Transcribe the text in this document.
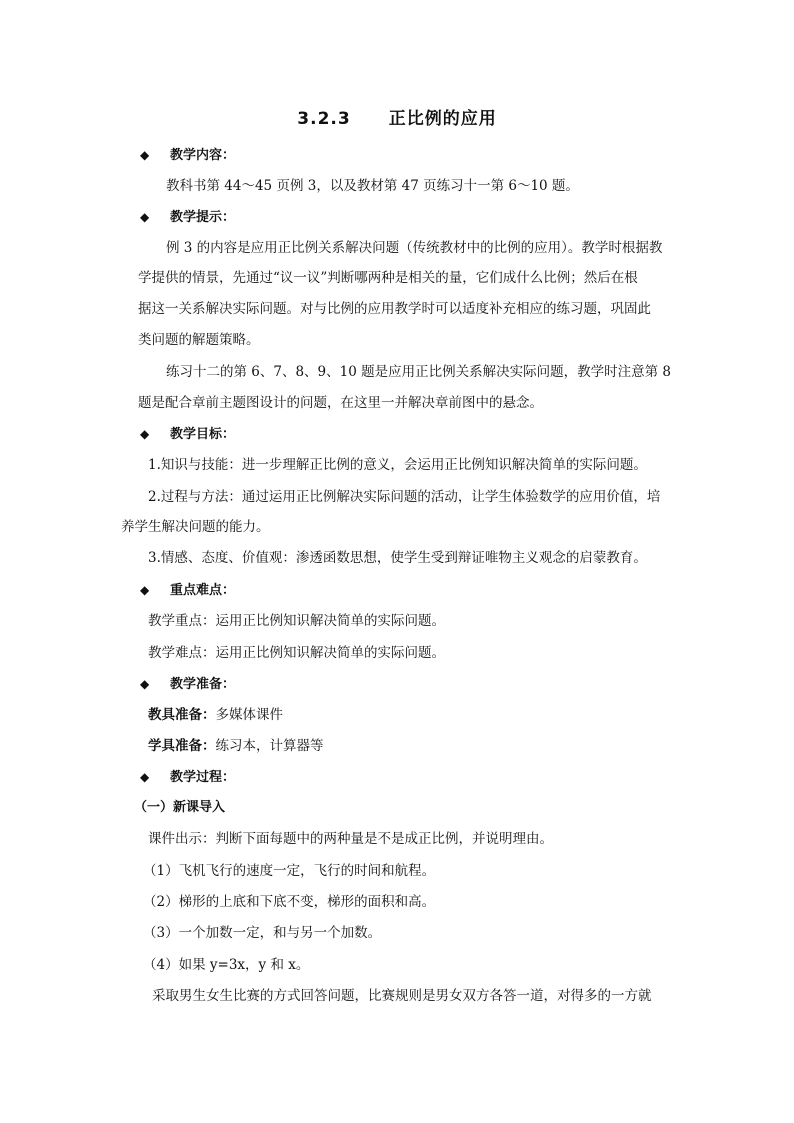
3.2.3 正比例的应用
◆ 教学内容：
教科书第 44～45 页例 3，以及教材第 47 页练习十一第 6～10 题。
◆ 教学提示：
例 3 的内容是应用正比例关系解决问题（传统教材中的比例的应用）。教学时根据教
学提供的情景，先通过“议一议”判断哪两种是相关的量，它们成什么比例；然后在根
据这一关系解决实际问题。对与比例的应用教学时可以适度补充相应的练习题，巩固此
类问题的解题策略。
练习十二的第 6、7、8、9、10 题是应用正比例关系解决实际问题，教学时注意第 8
题是配合章前主题图设计的问题，在这里一并解决章前图中的悬念。
◆ 教学目标：
1.知识与技能：进一步理解正比例的意义，会运用正比例知识解决简单的实际问题。
2.过程与方法：通过运用正比例解决实际问题的活动，让学生体验数学的应用价值，培
养学生解决问题的能力。
3.情感、态度、价值观：渗透函数思想，使学生受到辩证唯物主义观念的启蒙教育。
◆ 重点难点：
教学重点：运用正比例知识解决简单的实际问题。
教学难点：运用正比例知识解决简单的实际问题。
◆ 教学准备：
教具准备：多媒体课件
学具准备：练习本，计算器等
◆ 教学过程：
（一）新课导入
课件出示：判断下面每题中的两种量是不是成正比例，并说明理由。
（1）飞机飞行的速度一定，飞行的时间和航程。
（2）梯形的上底和下底不变，梯形的面积和高。
（3）一个加数一定，和与另一个加数。
（4）如果 y=3x，y 和 x。
采取男生女生比赛的方式回答问题，比赛规则是男女双方各答一道，对得多的一方就
